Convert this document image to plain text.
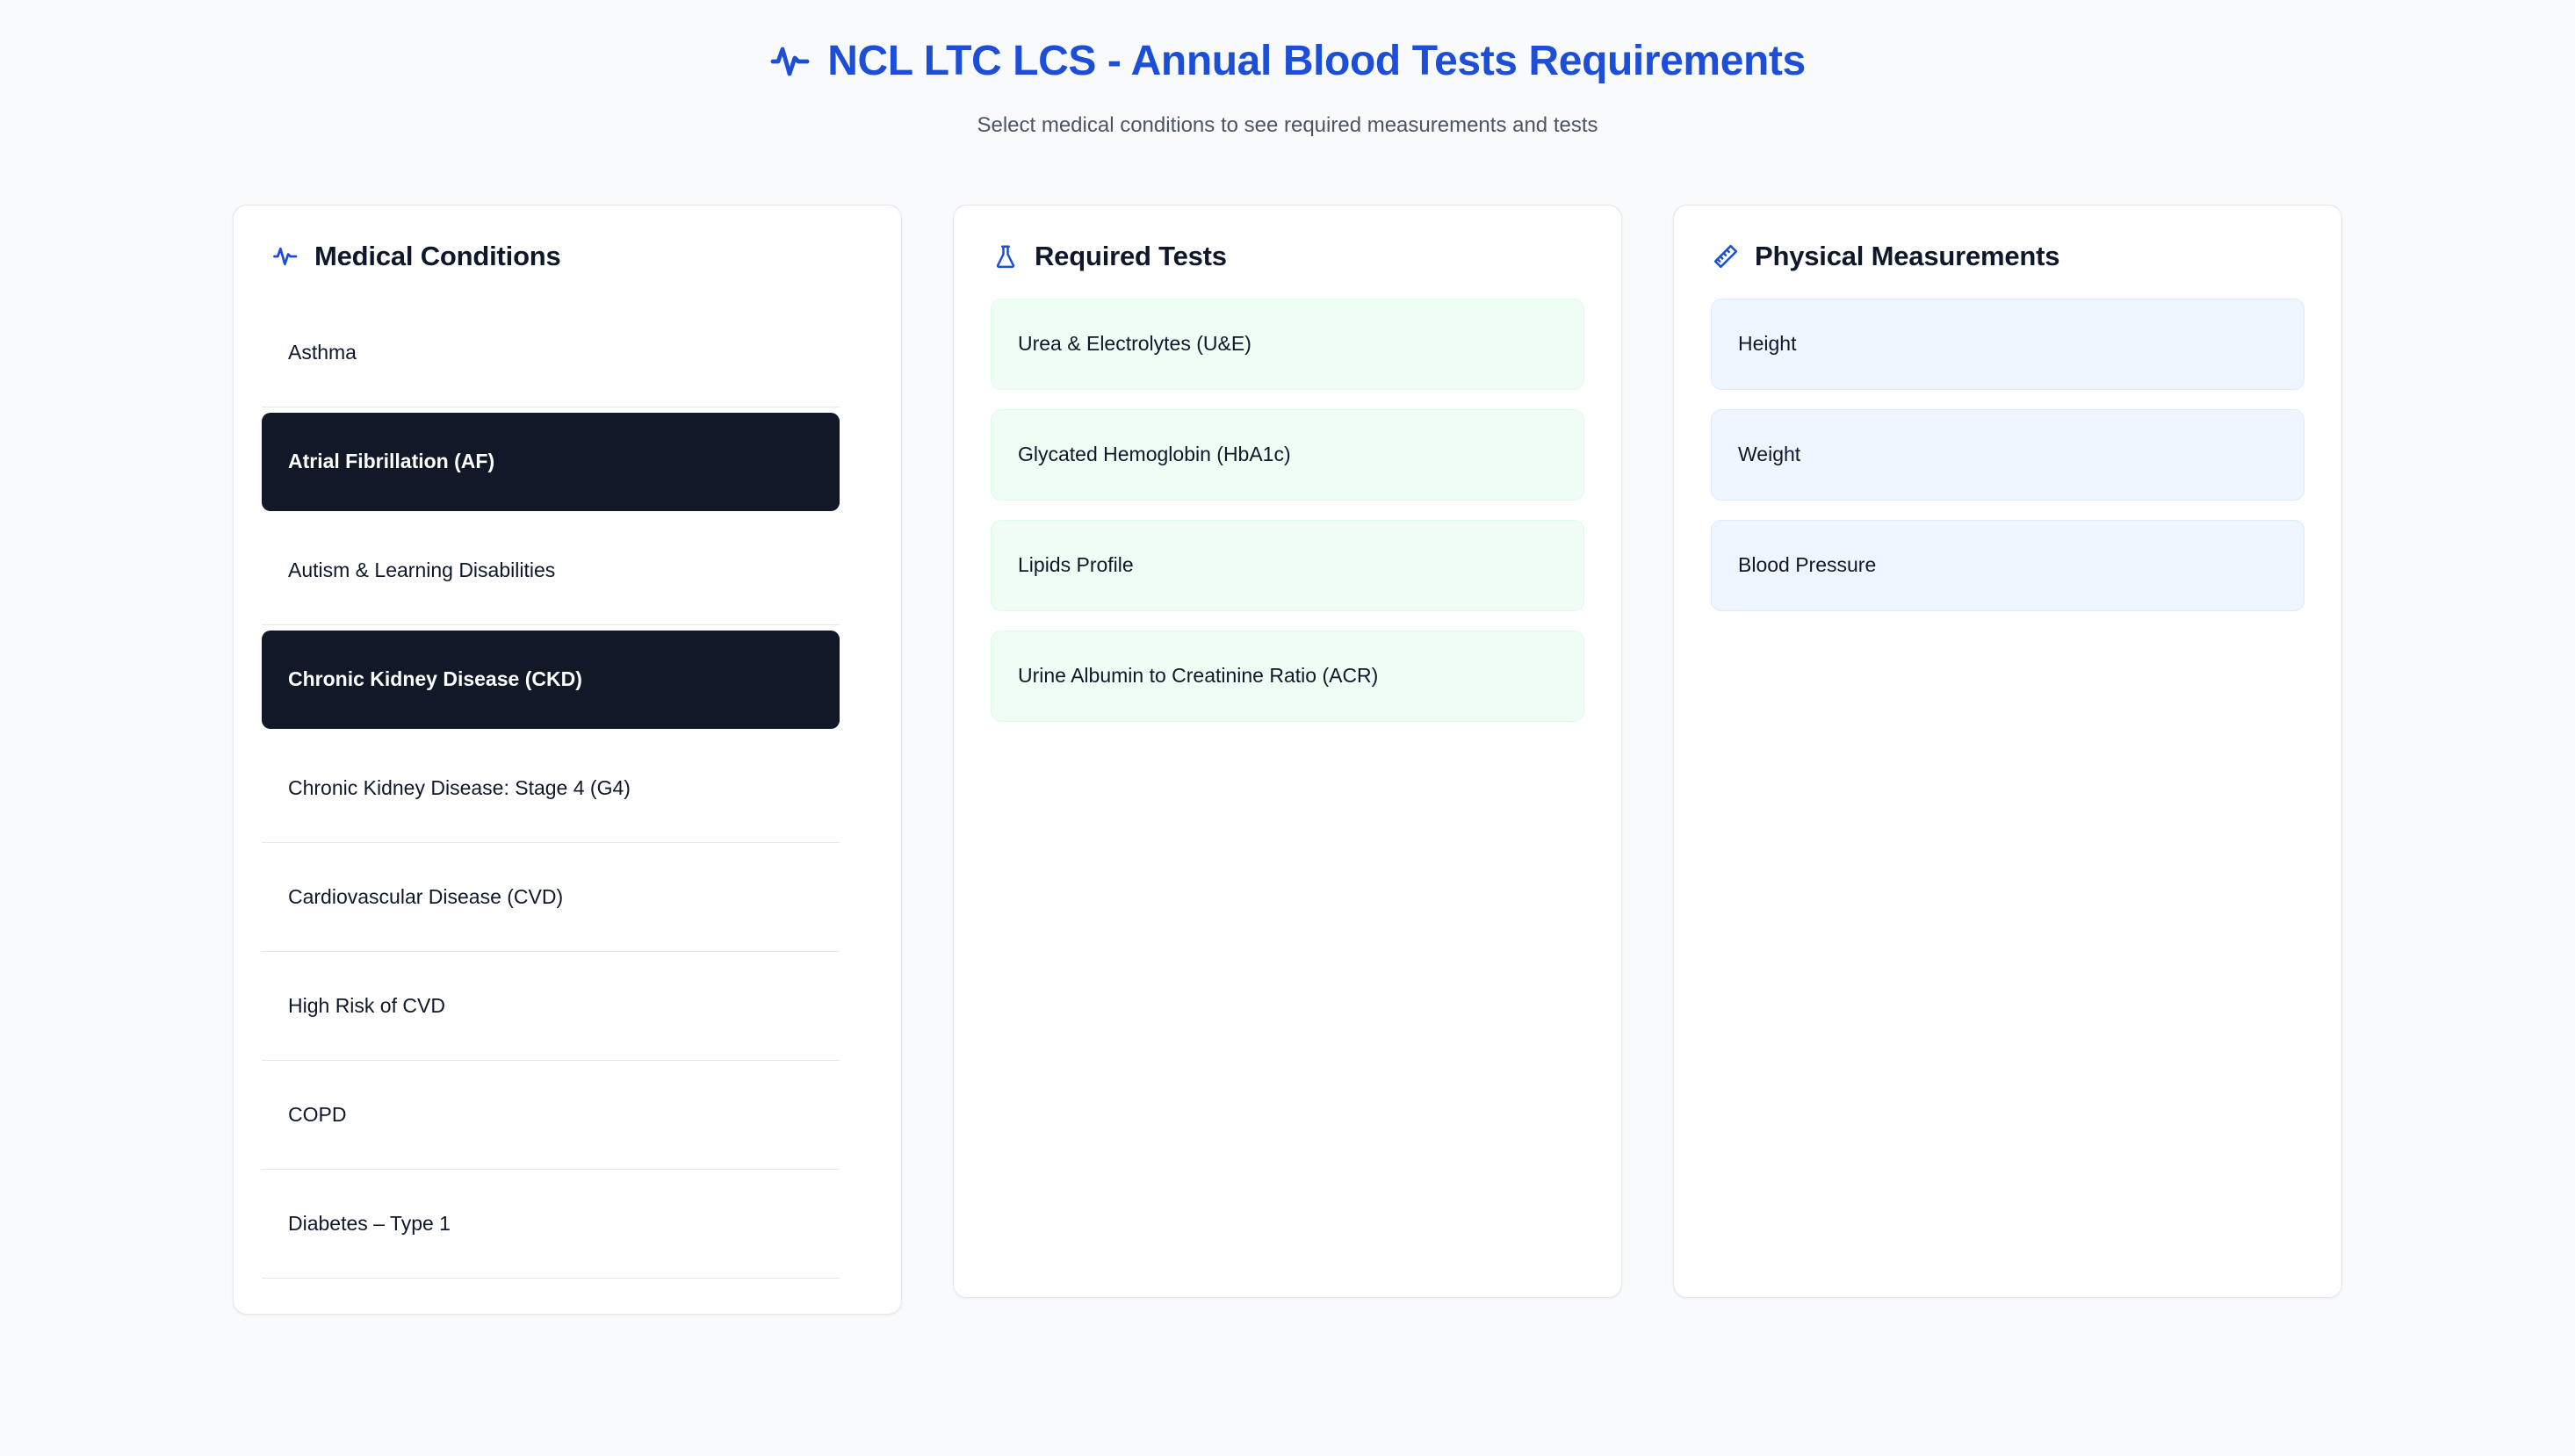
NCL LTC LCS - Annual Blood Tests Requirements

Select medical conditions to see required measurements and tests

Medical Conditions
Asthma
Atrial Fibrillation (AF)
Autism & Learning Disabilities
Chronic Kidney Disease (CKD)
Chronic Kidney Disease: Stage 4 (G4)
Cardiovascular Disease (CVD)
High Risk of CVD
COPD
Diabetes – Type 1
Required Tests
Urea & Electrolytes (U&E)
Glycated Hemoglobin (HbA1c)
Lipids Profile
Urine Albumin to Creatinine Ratio (ACR)
Physical Measurements
Height
Weight
Blood Pressure
